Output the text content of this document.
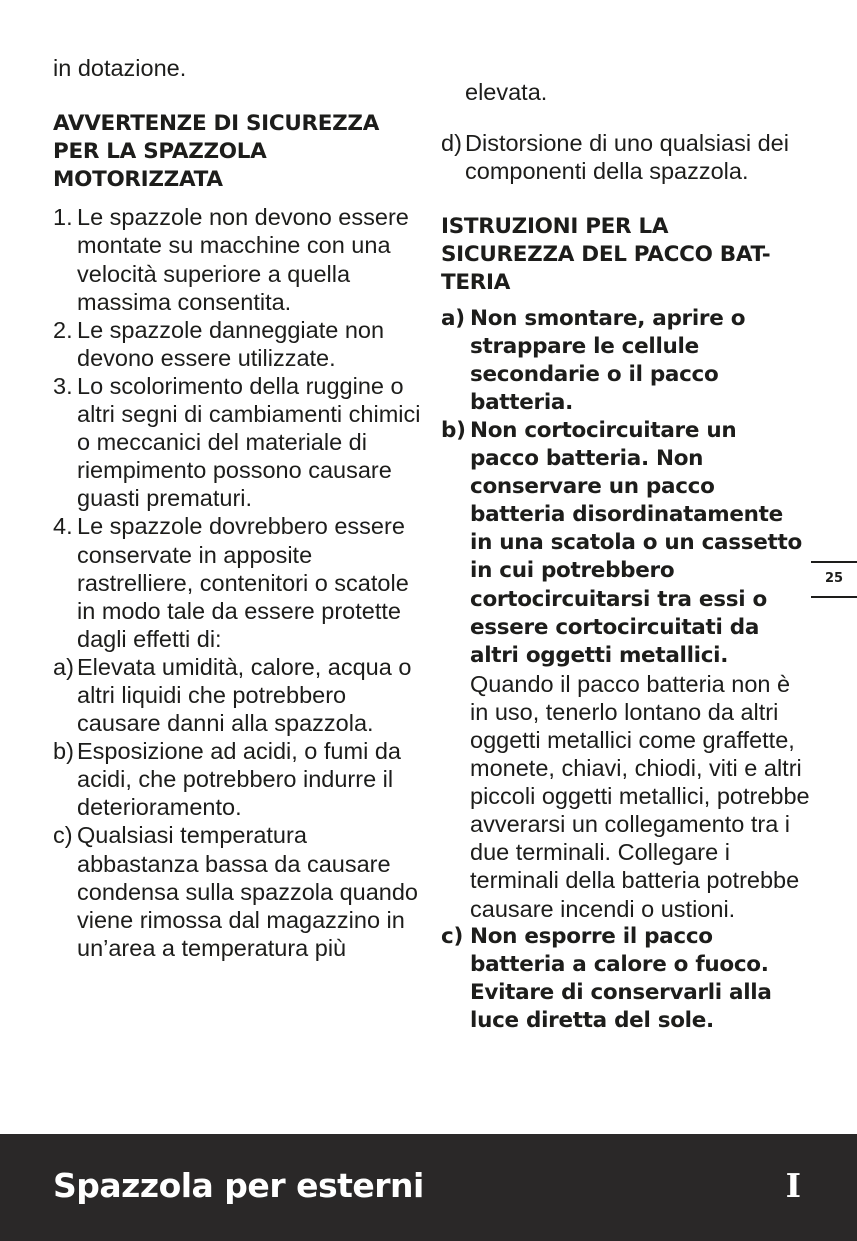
in dotazione.

AVVERTENZE DI SICUREZZA PER LA SPAZZOLA MOTORIZZATA

1. Le spazzole non devono essere montate su macchine con una velocità superiore a quella massima consentita.
2. Le spazzole danneggiate non devono essere utilizzate.
3. Lo scolorimento della ruggine o altri segni di cambiamenti chimici o meccanici del materiale di riempimento possono causare guasti prematuri.
4. Le spazzole dovrebbero essere conservate in apposite rastrelliere, contenitori o scatole in modo tale da essere protette dagli effetti di:
a) Elevata umidità, calore, acqua o altri liquidi che potrebbero causare danni alla spazzola.
b) Esposizione ad acidi, o fumi da acidi, che potrebbero indurre il deterioramento.
c) Qualsiasi temperatura abbastanza bassa da causare condensa sulla spazzola quando viene rimossa dal magazzino in un’area a temperatura più

elevata.

d) Distorsione di uno qualsiasi dei componenti della spazzola.
ISTRUZIONI PER LA
SICUREZZA DEL PACCO BAT-
TERIA
a) Non smontare, aprire o strappare le cellule secondarie o il pacco batteria.
b) Non cortocircuitare un pacco batteria. Non conservare un pacco batteria disordinatamente in una scatola o un cassetto in cui potrebbero cortocircuitarsi tra essi o essere cortocircuitati da altri oggetti metallici.
Quando il pacco batteria non è in uso, tenerlo lontano da altri oggetti metallici come graffette, monete, chiavi, chiodi, viti e altri piccoli oggetti metallici, potrebbe avverarsi un collegamento tra i due terminali. Collegare i terminali della batteria potrebbe causare incendi o ustioni.
c) Non esporre il pacco batteria a calore o fuoco. Evitare di conservarli alla luce diretta del sole.
25
Spazzola per esterni	I
